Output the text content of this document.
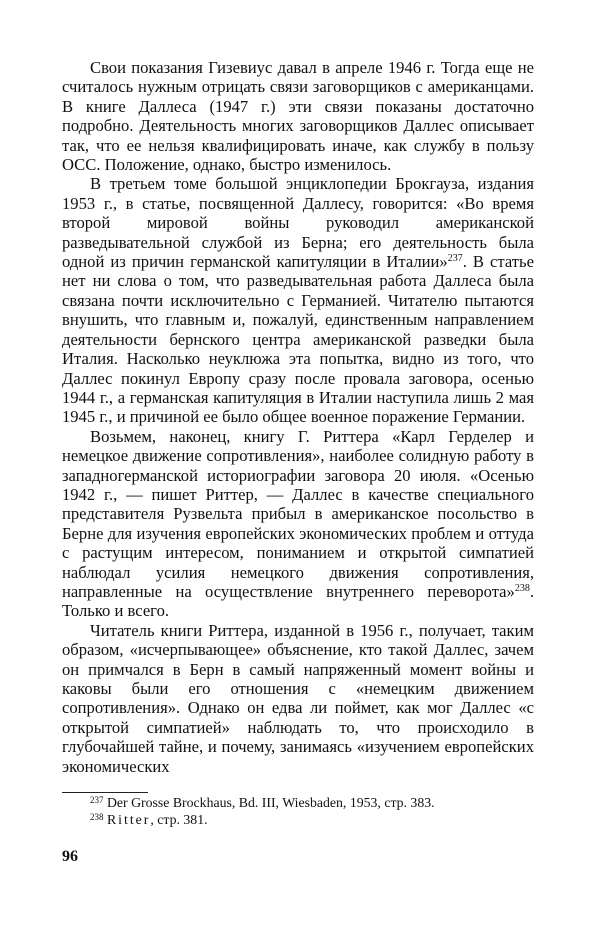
Свои показания Гизевиус давал в апреле 1946 г. Тогда еще не считалось нужным отрицать связи заговорщиков с американцами. В книге Даллеса (1947 г.) эти связи показаны достаточно подробно. Деятельность многих заговорщиков Даллес описывает так, что ее нельзя квалифицировать иначе, как службу в пользу ОСС. Положение, однако, быстро изменилось.

В третьем томе большой энциклопедии Брокгауза, издания 1953 г., в статье, посвященной Даллесу, говорится: «Во время второй мировой войны руководил американской разведывательной службой из Берна; его деятельность была одной из причин германской капитуляции в Италии»$^{237}$. В статье нет ни слова о том, что разведывательная работа Даллеса была связана почти исключительно с Германией. Читателю пытаются внушить, что главным и, пожалуй, единственным направлением деятельности бернского центра американской разведки была Италия. Насколько неуклюжа эта попытка, видно из того, что Даллес покинул Европу сразу после провала заговора, осенью 1944 г., а германская капитуляция в Италии наступила лишь 2 мая 1945 г., и причиной ее было общее военное поражение Германии.

Возьмем, наконец, книгу Г. Риттера «Карл Герделер и немецкое движение сопротивления», наиболее солидную работу в западногерманской историографии заговора 20 июля. «Осенью 1942 г., — пишет Риттер, — Даллес в качестве специального представителя Рузвельта прибыл в американское посольство в Берне для изучения европейских экономических проблем и оттуда с растущим интересом, пониманием и открытой симпатией наблюдал усилия немецкого движения сопротивления, направленные на осуществление внутреннего переворота»$^{238}$. Только и всего.

Читатель книги Риттера, изданной в 1956 г., получает, таким образом, «исчерпывающее» объяснение, кто такой Даллес, зачем он примчался в Берн в самый напряженный момент войны и каковы были его отношения с «немецким движением сопротивления». Однако он едва ли поймет, как мог Даллес «с открытой симпатией» наблюдать то, что происходило в глубочайшей тайне, и почему, занимаясь «изучением европейских экономических

$^{237}$ Der Grosse Brockhaus, Bd. III, Wiesbaden, 1953, стр. 383.

$^{238}$ Ritter, стр. 381.

96
